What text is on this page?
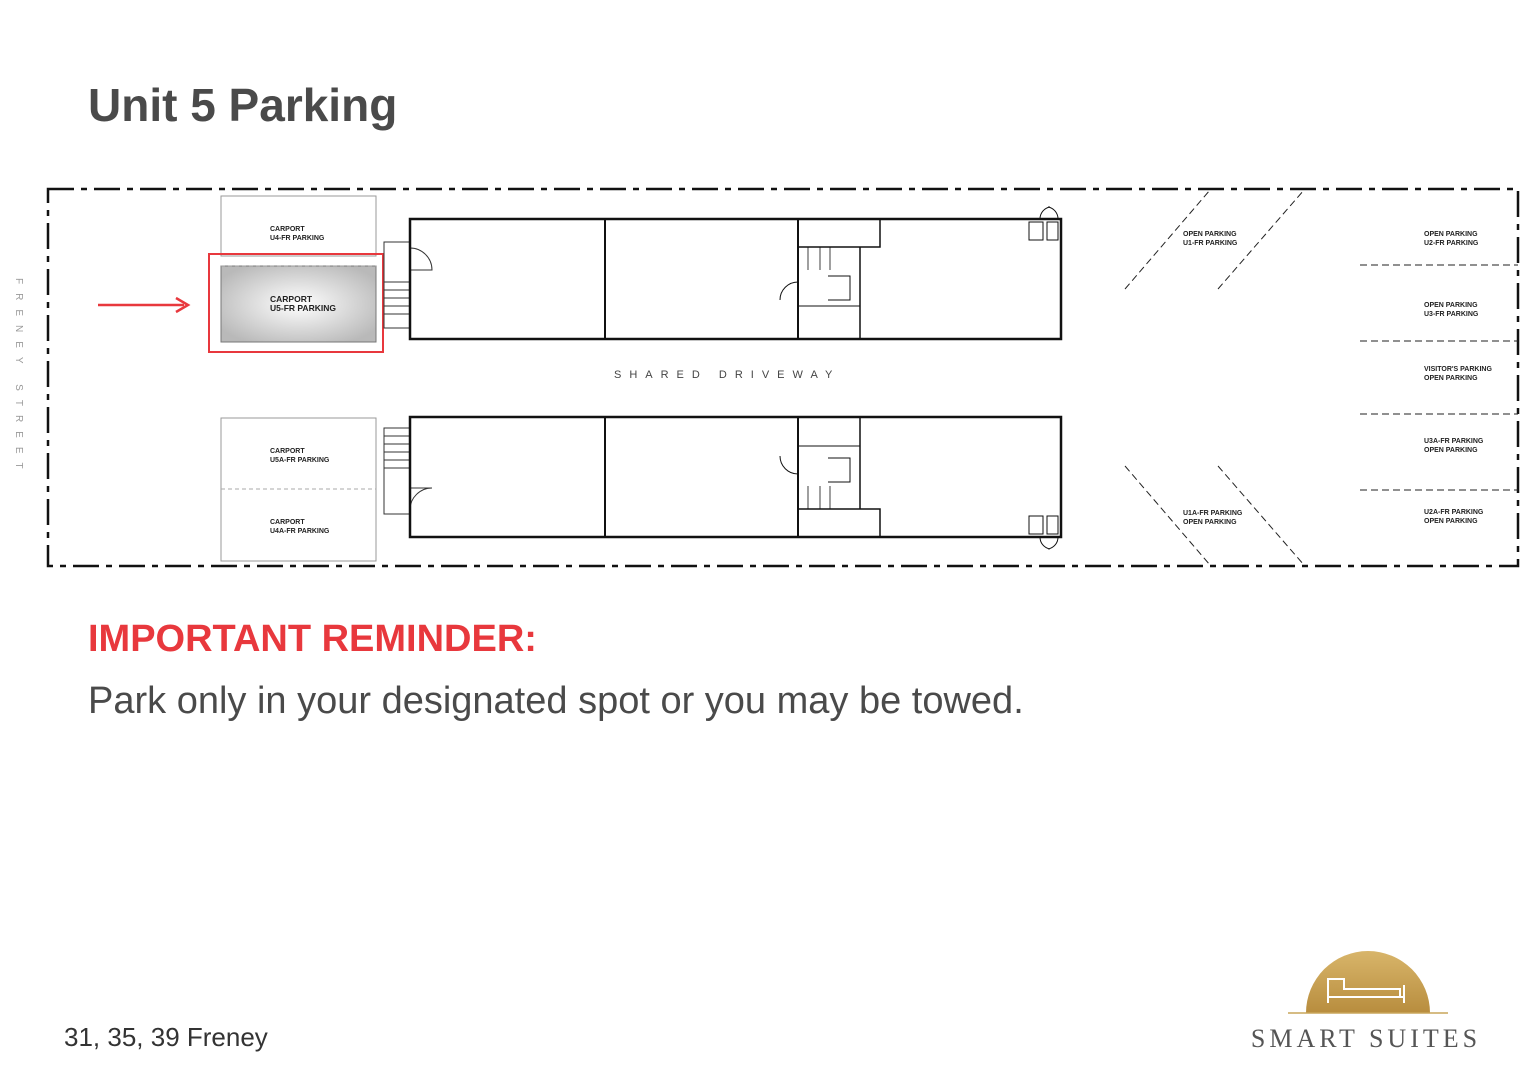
Unit 5 Parking
FRENEY STREET
CARPORT
U4-FR PARKING
CARPORT
U5-FR PARKING
CARPORT
U5A-FR PARKING
CARPORT
U4A-FR PARKING
SHARED DRIVEWAY
OPEN PARKING
U1-FR PARKING
U1A-FR PARKING
OPEN PARKING
OPEN PARKING
U2-FR PARKING
OPEN PARKING
U3-FR PARKING
VISITOR'S PARKING
OPEN PARKING
U3A-FR PARKING
OPEN PARKING
U2A-FR PARKING
OPEN PARKING
IMPORTANT REMINDER:

Park only in your designated spot or you may be towed.

31, 35, 39 Freney	SMART SUITES
